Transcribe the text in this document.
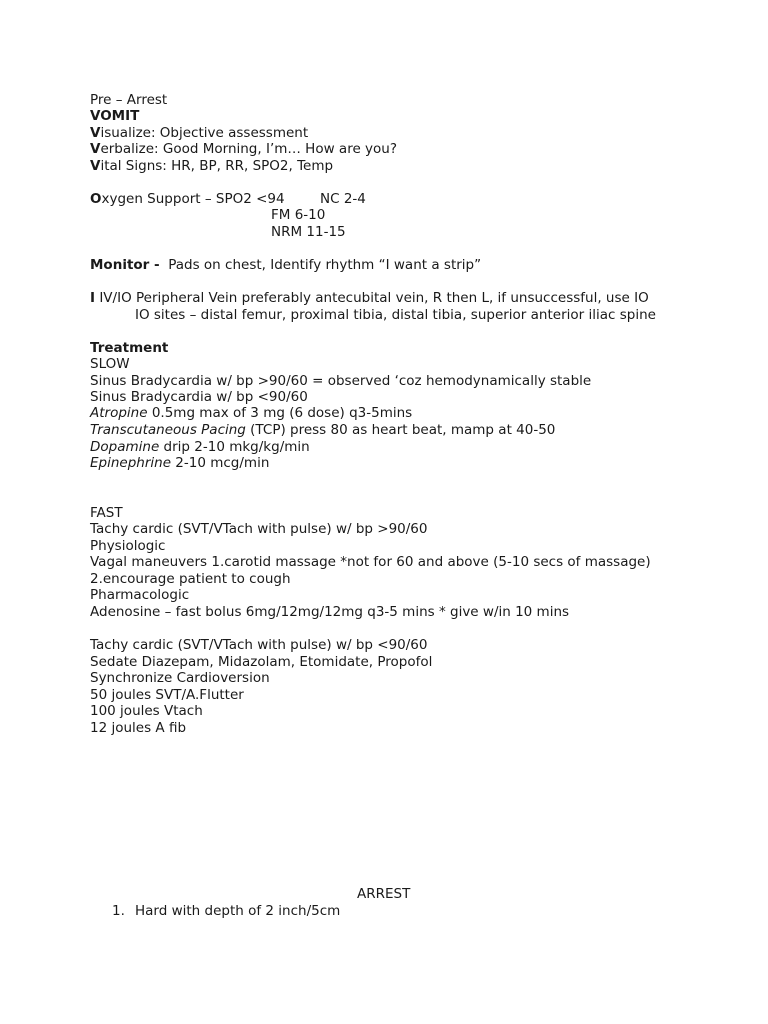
Pre – Arrest
VOMIT
Visualize: Objective assessment
Verbalize: Good Morning, I’m… How are you?
Vital Signs: HR, BP, RR, SPO2, Temp
Oxygen Support – SPO2 <94	NC 2-4
FM 6-10
NRM 11-15
Monitor -  Pads on chest, Identify rhythm “I want a strip”
I IV/IO Peripheral Vein preferably antecubital vein, R then L, if unsuccessful, use IO
IO sites – distal femur, proximal tibia, distal tibia, superior anterior iliac spine
Treatment
SLOW
Sinus Bradycardia w/ bp >90/60 = observed ‘coz hemodynamically stable
Sinus Bradycardia w/ bp <90/60
Atropine 0.5mg max of 3 mg (6 dose) q3-5mins
Transcutaneous Pacing (TCP) press 80 as heart beat, mamp at 40-50
Dopamine drip 2-10 mkg/kg/min
Epinephrine 2-10 mcg/min
FAST
Tachy cardic (SVT/VTach with pulse) w/ bp >90/60
Physiologic
Vagal maneuvers 1.carotid massage *not for 60 and above (5-10 secs of massage)
2.encourage patient to cough
Pharmacologic
Adenosine – fast bolus 6mg/12mg/12mg q3-5 mins * give w/in 10 mins
Tachy cardic (SVT/VTach with pulse) w/ bp <90/60
Sedate Diazepam, Midazolam, Etomidate, Propofol
Synchronize Cardioversion
50 joules SVT/A.Flutter
100 joules Vtach
12 joules A fib
ARREST
1. Hard with depth of 2 inch/5cm
